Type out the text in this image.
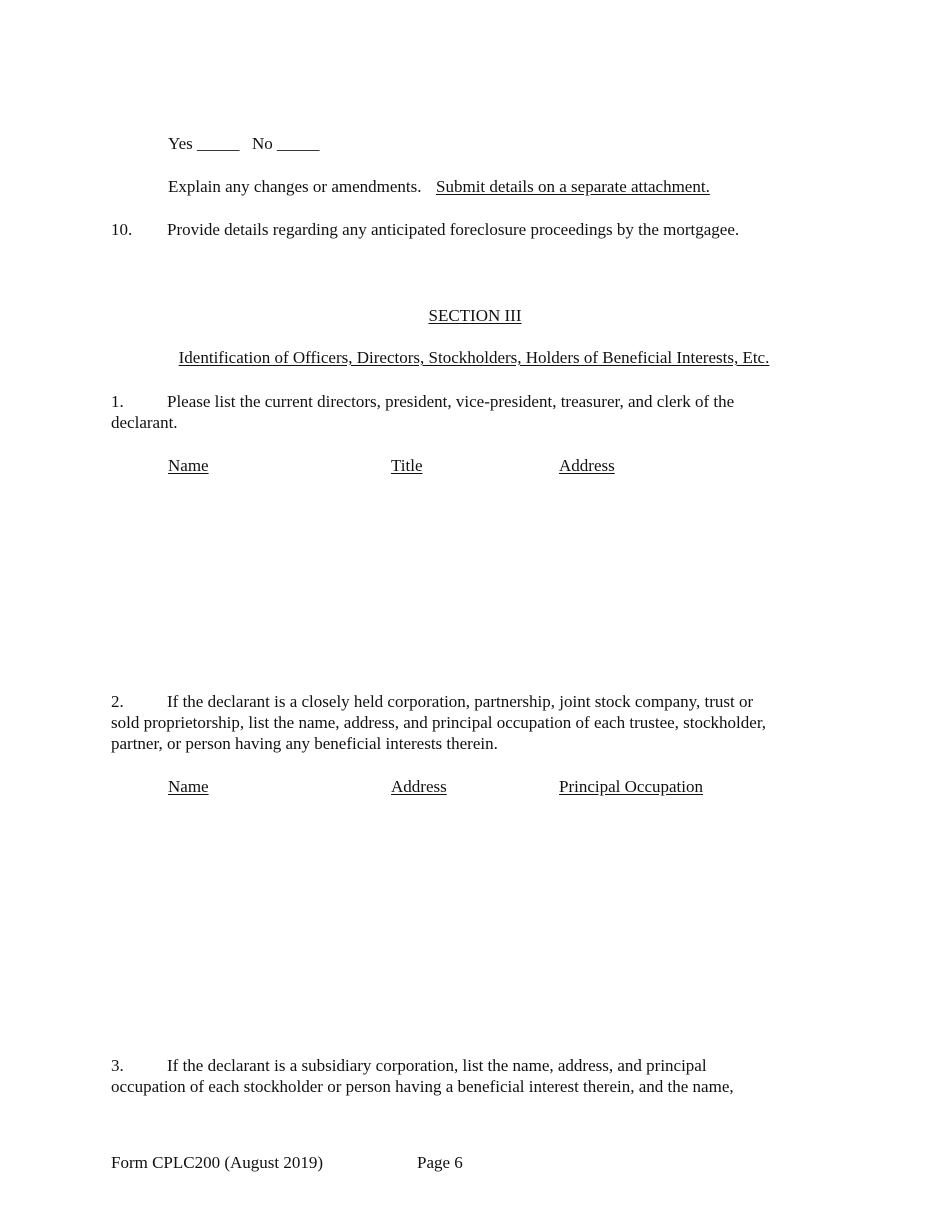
Yes _____ No _____
Explain any changes or amendments. Submit details on a separate attachment.
10. Provide details regarding any anticipated foreclosure proceedings by the mortgagee.
SECTION III
Identification of Officers, Directors, Stockholders, Holders of Beneficial Interests, Etc.
1.	Please list the current directors, president, vice-president, treasurer, and clerk of the
declarant.
Name	Title	Address
2.	If the declarant is a closely held corporation, partnership, joint stock company, trust or
sold proprietorship, list the name, address, and principal occupation of each trustee, stockholder,
partner, or person having any beneficial interests therein.
Name	Address	Principal Occupation
3.	If the declarant is a subsidiary corporation, list the name, address, and principal
occupation of each stockholder or person having a beneficial interest therein, and the name,
Form CPLC200 (August 2019)	Page 6
